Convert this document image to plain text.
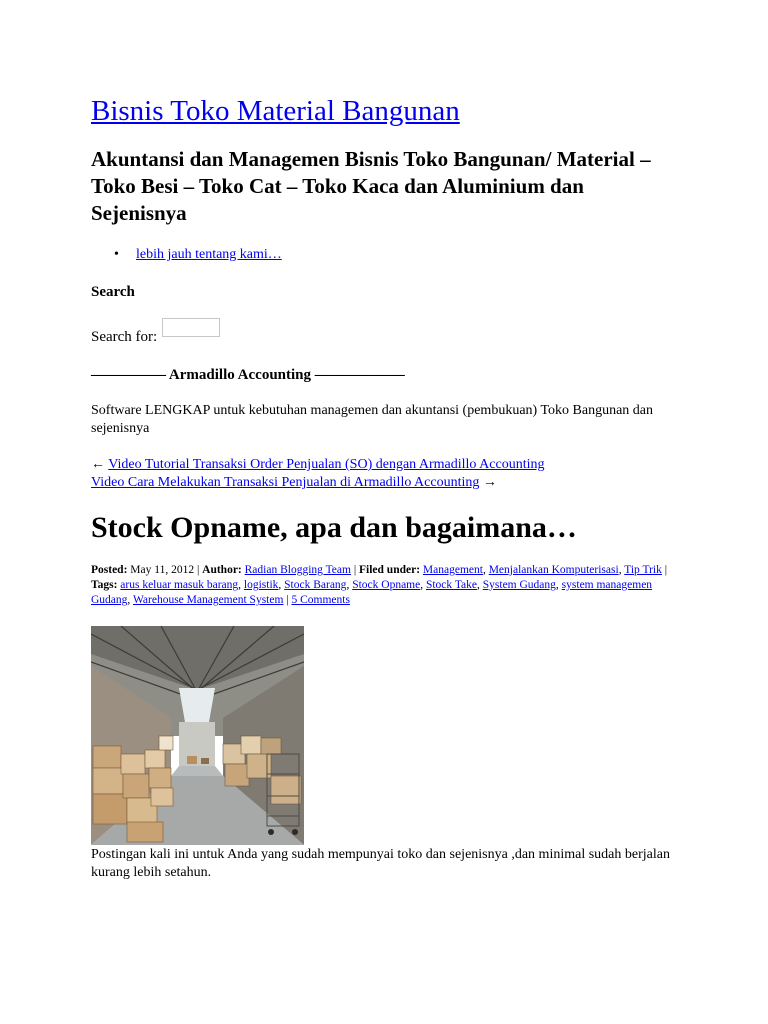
Bisnis Toko Material Bangunan
Akuntansi dan Managemen Bisnis Toko Bangunan/ Material – Toko Besi – Toko Cat – Toko Kaca dan Aluminium dan Sejenisnya
• lebih jauh tentang kami…
Search
Search for:
————— Armadillo Accounting ——————

Software LENGKAP untuk kebutuhan managemen dan akuntansi (pembukuan) Toko Bangunan dan sejenisnya

← Video Tutorial Transaksi Order Penjualan (SO) dengan Armadillo Accounting
Video Cara Melakukan Transaksi Penjualan di Armadillo Accounting →
Stock Opname, apa dan bagaimana…
Posted: May 11, 2012 | Author: Radian Blogging Team | Filed under: Management, Menjalankan Komputerisasi, Tip Trik | Tags: arus keluar masuk barang, logistik, Stock Barang, Stock Opname, Stock Take, System Gudang, system managemen Gudang, Warehouse Management System | 5 Comments

Postingan kali ini untuk Anda yang sudah mempunyai toko dan sejenisnya ,dan minimal sudah berjalan kurang lebih setahun.
